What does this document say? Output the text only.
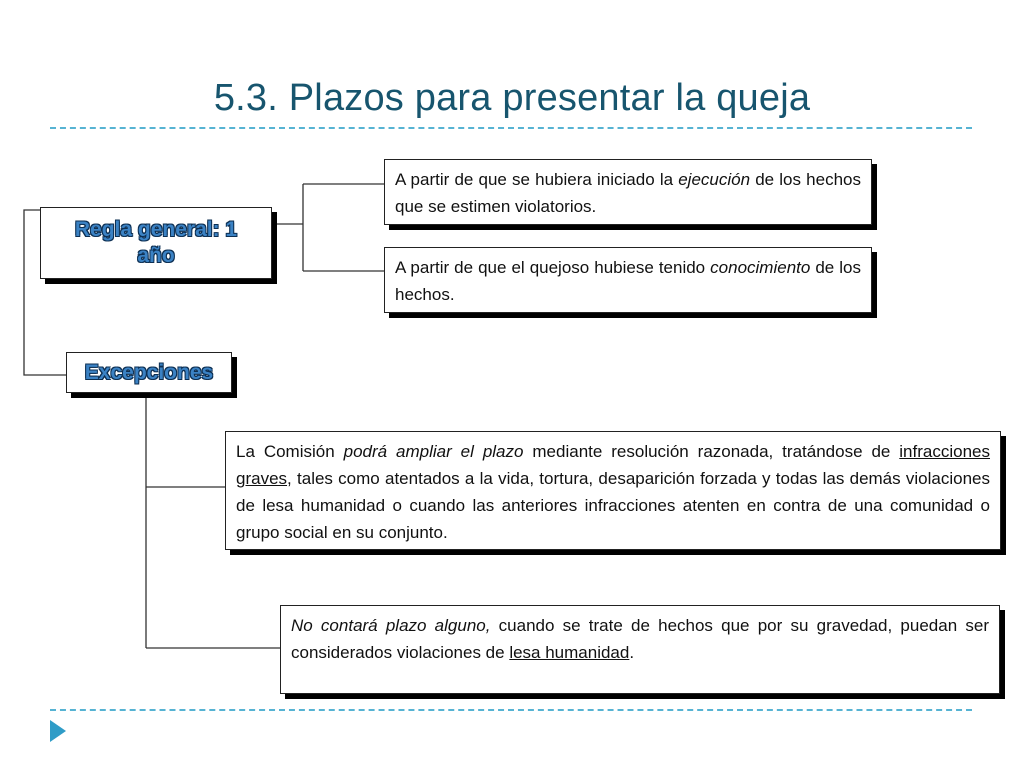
5.3. Plazos para presentar la queja
Regla general: 1 año
Excepciones
A partir de que se hubiera iniciado la ejecución de los hechos que se estimen violatorios.
A partir de que el quejoso hubiese tenido conocimiento de los hechos.
La Comisión podrá ampliar el plazo mediante resolución razonada, tratándose de infracciones graves, tales como atentados a la vida, tortura, desaparición forzada y todas las demás violaciones de lesa humanidad o cuando las anteriores infracciones atenten en contra de una comunidad o grupo social en su conjunto.
No contará plazo alguno, cuando se trate de hechos que por su gravedad, puedan ser considerados violaciones de lesa humanidad.
